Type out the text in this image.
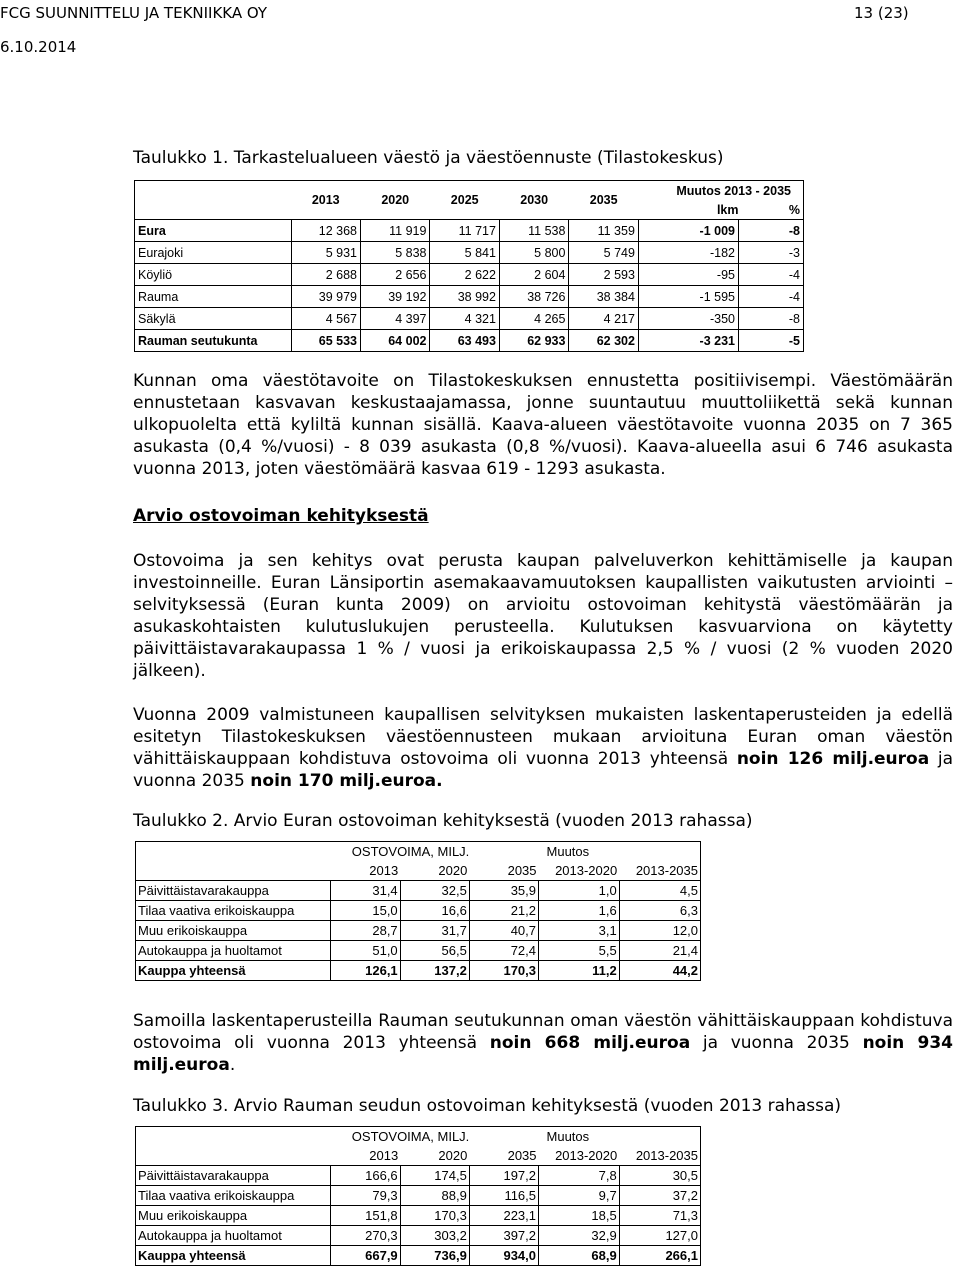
FCG SUUNNITTELU JA TEKNIIKKA OY
6.10.2014
13 (23)
Taulukko 1. Tarkastelualueen väestö ja väestöennuste (Tilastokeskus)
	2013	2020	2025	2030	2035	Muutos 2013 - 2035	
						lkm	%
Eura	12 368	11 919	11 717	11 538	11 359	-1 009	-8
Eurajoki	5 931	5 838	5 841	5 800	5 749	-182	-3
Köyliö	2 688	2 656	2 622	2 604	2 593	-95	-4
Rauma	39 979	39 192	38 992	38 726	38 384	-1 595	-4
Säkylä	4 567	4 397	4 321	4 265	4 217	-350	-8
Rauman seutukunta	65 533	64 002	63 493	62 933	62 302	-3 231	-5
Kunnan oma väestötavoite on Tilastokeskuksen ennustetta positiivisempi. Väestömäärän ennustetaan kasvavan keskustaajamassa, jonne suuntautuu muuttoliikettä sekä kunnan ulkopuolelta että kyliltä kunnan sisällä. Kaava-alueen väestötavoite vuonna 2035 on 7 365 asukasta (0,4 %/vuosi) - 8 039 asukasta (0,8 %/vuosi). Kaava-alueella asui 6 746 asukasta vuonna 2013, joten väestömäärä kasvaa 619 - 1293 asukasta.
Arvio ostovoiman kehityksestä
Ostovoima ja sen kehitys ovat perusta kaupan palveluverkon kehittämiselle ja kaupan investoinneille. Euran Länsiportin asemakaavamuutoksen kaupallisten vaikutusten arviointi – selvityksessä (Euran kunta 2009) on arvioitu ostovoiman kehitystä väestömäärän ja asukaskohtaisten kulutuslukujen perusteella. Kulutuksen kasvuarviona on käytetty päivittäistavarakaupassa 1 % / vuosi ja erikoiskaupassa 2,5 % / vuosi (2 % vuoden 2020 jälkeen).
Vuonna 2009 valmistuneen kaupallisen selvityksen mukaisten laskentaperusteiden ja edellä esitetyn Tilastokeskuksen väestöennusteen mukaan arvioituna Euran oman väestön vähittäiskauppaan kohdistuva ostovoima oli vuonna 2013 yhteensä noin 126 milj.euroa ja vuonna 2035 noin 170 milj.euroa.
Taulukko 2. Arvio Euran ostovoiman kehityksestä (vuoden 2013 rahassa)
	OSTOVOIMA, MILJ.			Muutos	
	2013	2020	2035	2013-2020	2013-2035
Päivittäistavarakauppa	31,4	32,5	35,9	1,0	4,5
Tilaa vaativa erikoiskauppa	15,0	16,6	21,2	1,6	6,3
Muu erikoiskauppa	28,7	31,7	40,7	3,1	12,0
Autokauppa ja huoltamot	51,0	56,5	72,4	5,5	21,4
Kauppa yhteensä	126,1	137,2	170,3	11,2	44,2
Samoilla laskentaperusteilla Rauman seutukunnan oman väestön vähittäiskauppaan kohdistuva ostovoima oli vuonna 2013 yhteensä noin 668 milj.euroa ja vuonna 2035 noin 934 milj.euroa.
Taulukko 3. Arvio Rauman seudun ostovoiman kehityksestä (vuoden 2013 rahassa)
	OSTOVOIMA, MILJ.			Muutos	
	2013	2020	2035	2013-2020	2013-2035
Päivittäistavarakauppa	166,6	174,5	197,2	7,8	30,5
Tilaa vaativa erikoiskauppa	79,3	88,9	116,5	9,7	37,2
Muu erikoiskauppa	151,8	170,3	223,1	18,5	71,3
Autokauppa ja huoltamot	270,3	303,2	397,2	32,9	127,0
Kauppa yhteensä	667,9	736,9	934,0	68,9	266,1
